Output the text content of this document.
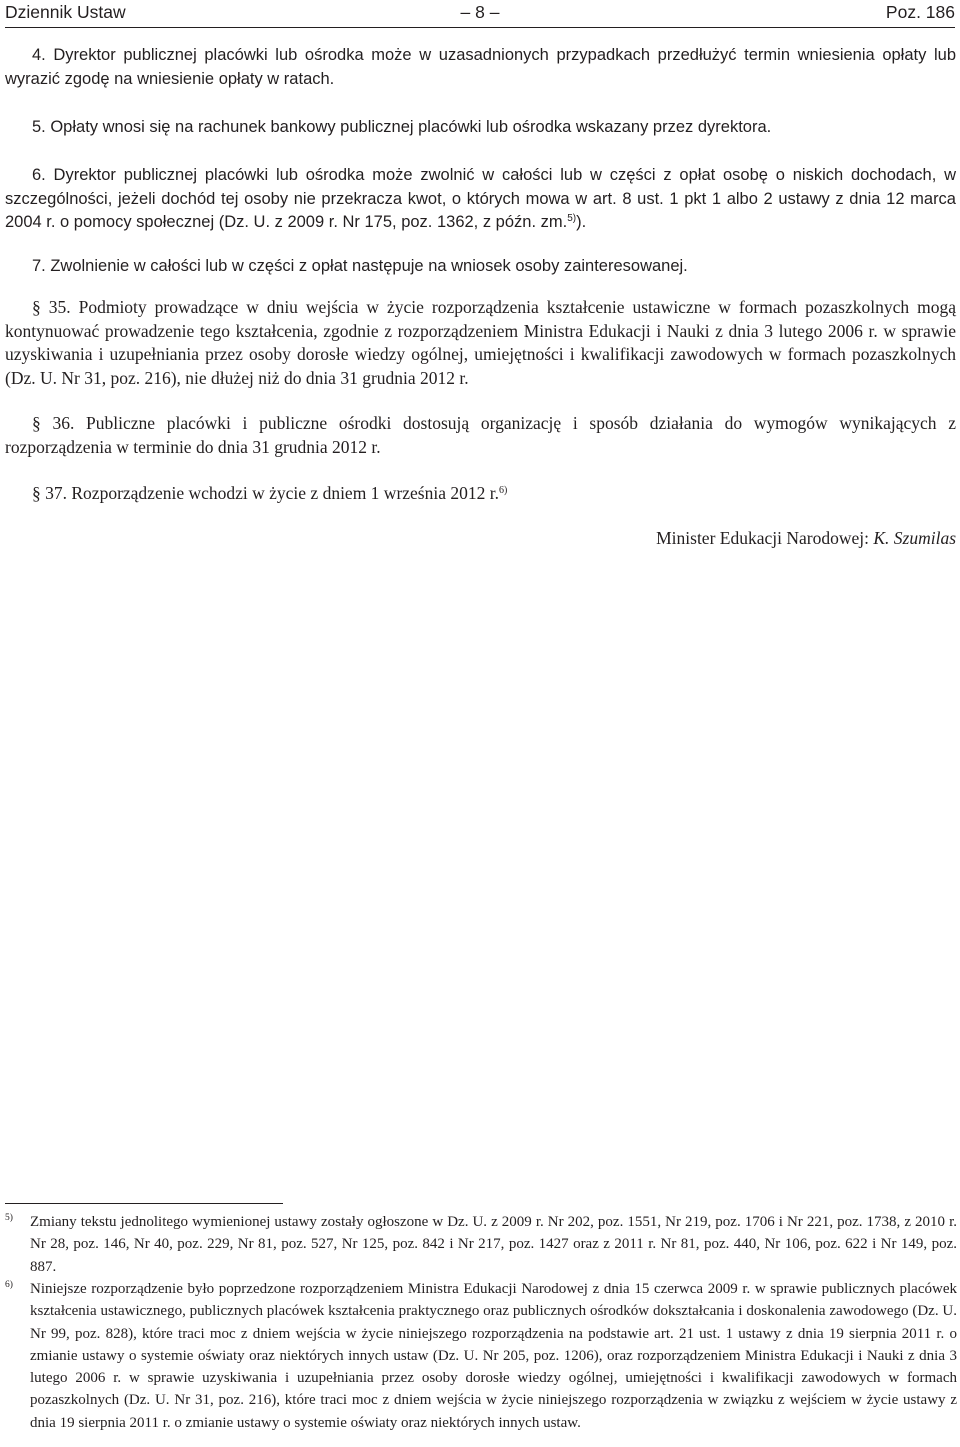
Dziennik Ustaw	– 8 –	Poz. 186
4. Dyrektor publicznej placówki lub ośrodka może w uzasadnionych przypadkach przedłużyć termin wniesienia opłaty lub wyrazić zgodę na wniesienie opłaty w ratach.
5. Opłaty wnosi się na rachunek bankowy publicznej placówki lub ośrodka wskazany przez dyrektora.
6. Dyrektor publicznej placówki lub ośrodka może zwolnić w całości lub w części z opłat osobę o niskich dochodach, w szczególności, jeżeli dochód tej osoby nie przekracza kwot, o których mowa w art. 8 ust. 1 pkt 1 albo 2 ustawy z dnia 12 marca 2004 r. o pomocy społecznej (Dz. U. z 2009 r. Nr 175, poz. 1362, z późn. zm.$^{5)}$).
7. Zwolnienie w całości lub w części z opłat następuje na wniosek osoby zainteresowanej.
§ 35. Podmioty prowadzące w dniu wejścia w życie rozporządzenia kształcenie ustawiczne w formach pozaszkolnych mogą kontynuować prowadzenie tego kształcenia, zgodnie z rozporządzeniem Ministra Edukacji i Nauki z dnia 3 lutego 2006 r. w sprawie uzyskiwania i uzupełniania przez osoby dorosłe wiedzy ogólnej, umiejętności i kwalifikacji zawodowych w formach pozaszkolnych (Dz. U. Nr 31, poz. 216), nie dłużej niż do dnia 31 grudnia 2012 r.
§ 36. Publiczne placówki i publiczne ośrodki dostosują organizację i sposób działania do wymogów wynikających z rozporządzenia w terminie do dnia 31 grudnia 2012 r.
§ 37. Rozporządzenie wchodzi w życie z dniem 1 września 2012 r.$^{6)}$
Minister Edukacji Narodowej: K. Szumilas
5)	Zmiany tekstu jednolitego wymienionej ustawy zostały ogłoszone w Dz. U. z 2009 r. Nr 202, poz. 1551, Nr 219, poz. 1706 i Nr 221, poz. 1738, z 2010 r. Nr 28, poz. 146, Nr 40, poz. 229, Nr 81, poz. 527, Nr 125, poz. 842 i Nr 217, poz. 1427 oraz z 2011 r. Nr 81, poz. 440, Nr 106, poz. 622 i Nr 149, poz. 887.
6)	Niniejsze rozporządzenie było poprzedzone rozporządzeniem Ministra Edukacji Narodowej z dnia 15 czerwca 2009 r. w sprawie publicznych placówek kształcenia ustawicznego, publicznych placówek kształcenia praktycznego oraz publicznych ośrodków dokształcania i doskonalenia zawodowego (Dz. U. Nr 99, poz. 828), które traci moc z dniem wejścia w życie niniejszego rozporządzenia na podstawie art. 21 ust. 1 ustawy z dnia 19 sierpnia 2011 r. o zmianie ustawy o systemie oświaty oraz niektórych innych ustaw (Dz. U. Nr 205, poz. 1206), oraz rozporządzeniem Ministra Edukacji i Nauki z dnia 3 lutego 2006 r. w sprawie uzyskiwania i uzupełniania przez osoby dorosłe wiedzy ogólnej, umiejętności i kwalifikacji zawodowych w formach pozaszkolnych (Dz. U. Nr 31, poz. 216), które traci moc z dniem wejścia w życie niniejszego rozporządzenia w związku z wejściem w życie ustawy z dnia 19 sierpnia 2011 r. o zmianie ustawy o systemie oświaty oraz niektórych innych ustaw.
